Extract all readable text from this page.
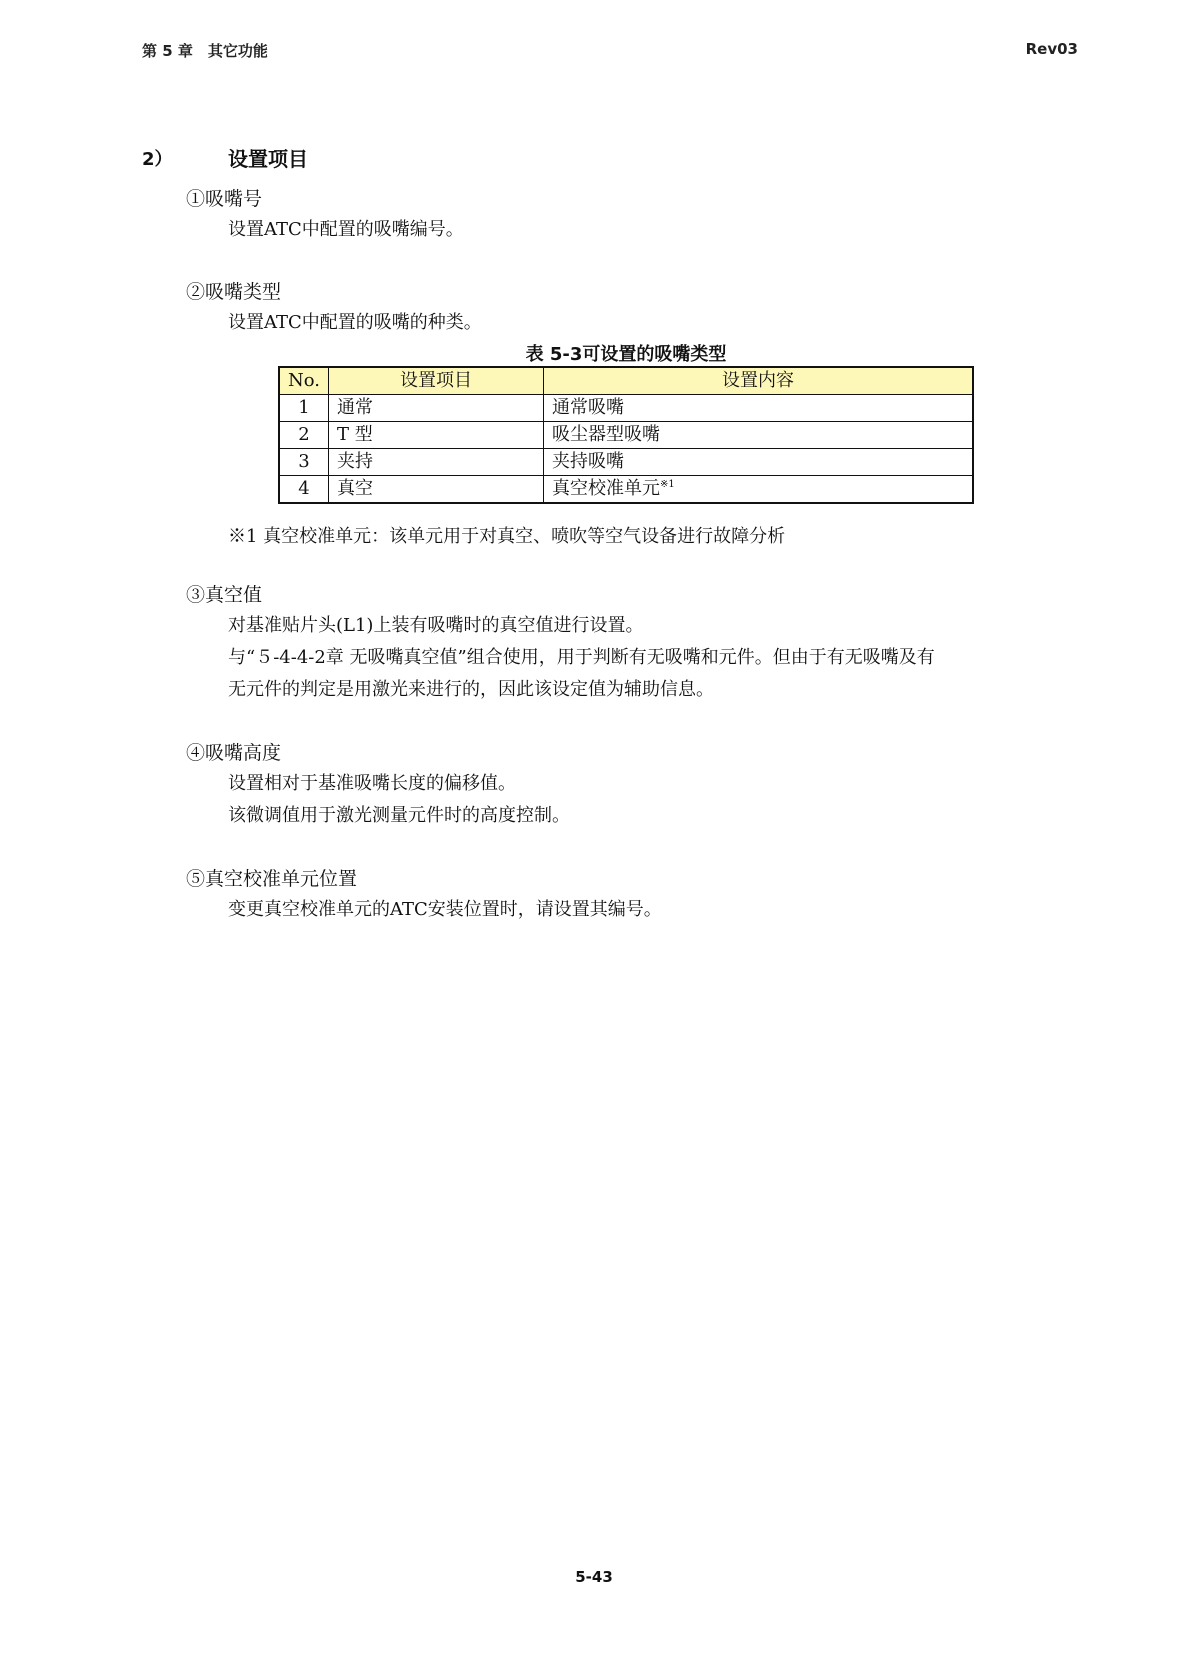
第 5 章　其它功能	Rev03
2）	设置项目
①吸嘴号
设置ATC中配置的吸嘴编号。
②吸嘴类型
设置ATC中配置的吸嘴的种类。
表 5-3可设置的吸嘴类型
No.	设置项目	设置内容
1	通常	通常吸嘴
2	T 型	吸尘器型吸嘴
3	夹持	夹持吸嘴
4	真空	真空校准单元$^{※1}$
※1 真空校准单元：该单元用于对真空、喷吹等空气设备进行故障分析
③真空值
对基准贴片头(L1)上装有吸嘴时的真空值进行设置。
与“５-4-4-2章 无吸嘴真空值”组合使用，用于判断有无吸嘴和元件。但由于有无吸嘴及有
无元件的判定是用激光来进行的，因此该设定值为辅助信息。
④吸嘴高度
设置相对于基准吸嘴长度的偏移值。
该微调值用于激光测量元件时的高度控制。
⑤真空校准单元位置
变更真空校准单元的ATC安装位置时，请设置其编号。
5-43
